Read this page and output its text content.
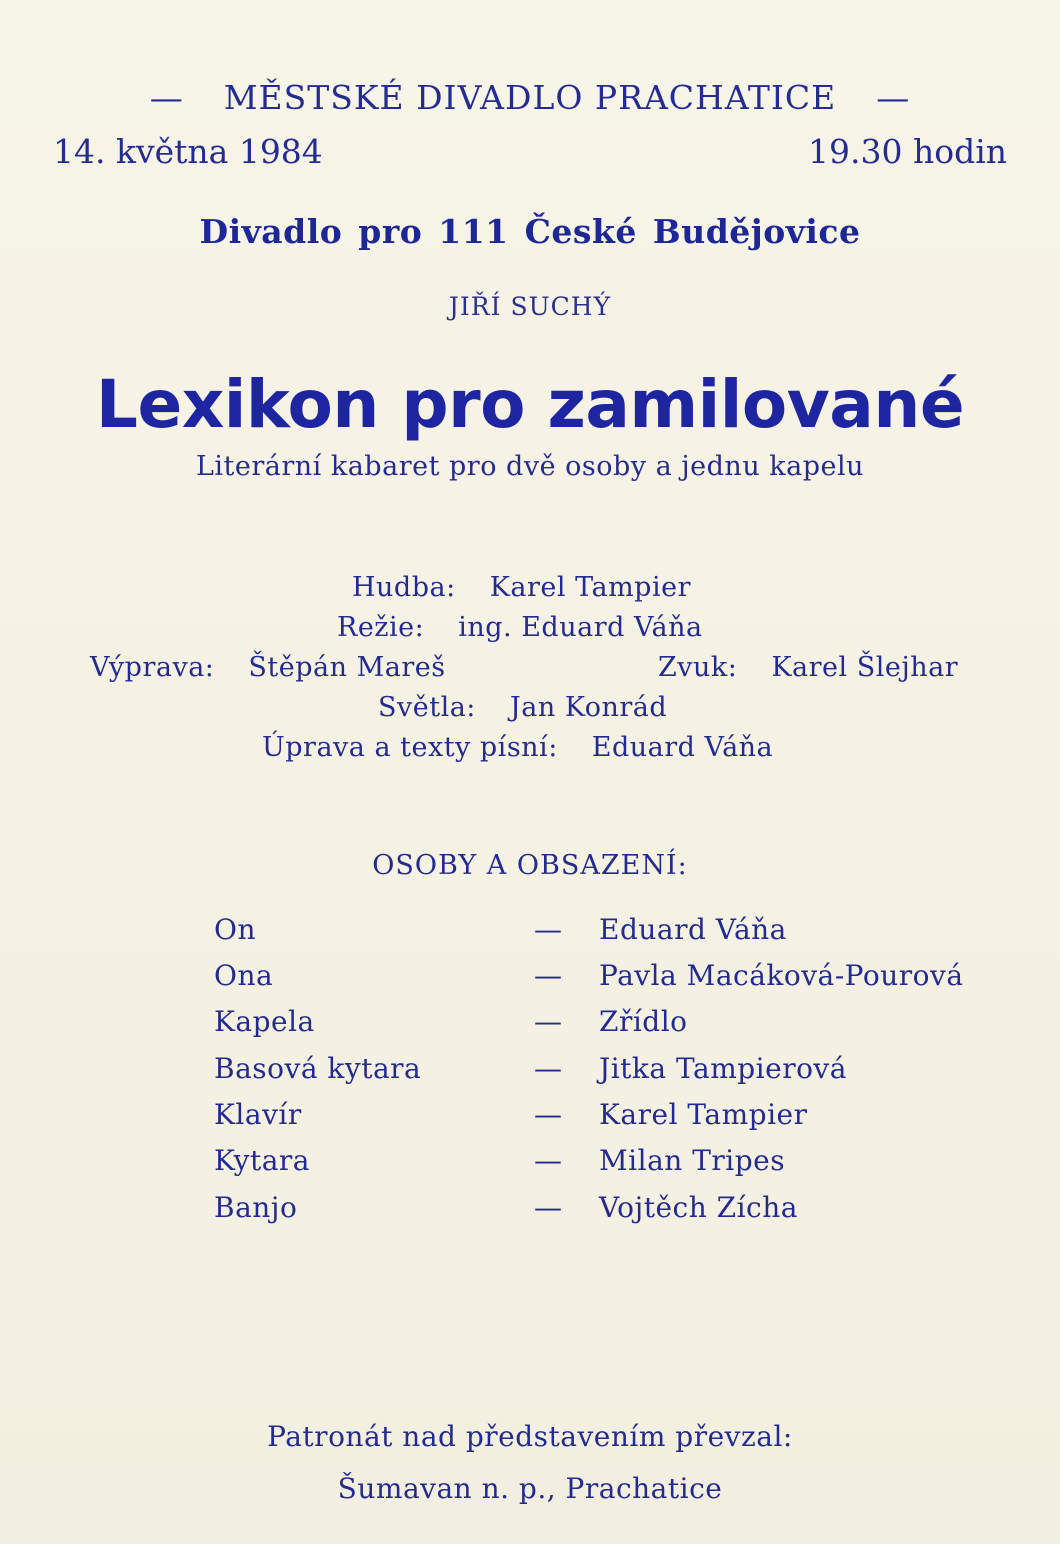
— MĚSTSKÉ DIVADLO PRACHATICE —

14. května 1984	19.30 hodin

Divadlo pro 111 České Budějovice

JIŘÍ SUCHÝ

Lexikon pro zamilované

Literární kabaret pro dvě osoby a jednu kapelu

Hudba: Karel Tampier

Režie: ing. Eduard Váňa

Výprava: Štěpán Mareš	Zvuk: Karel Šlejhar

Světla: Jan Konrád

Úprava a texty písní: Eduard Váňa

OSOBY A OBSAZENÍ:

On	— Eduard Váňa
Ona	— Pavla Macáková-Pourová
Kapela	— Zřídlo
Basová kytara	— Jitka Tampierová
Klavír	— Karel Tampier
Kytara	— Milan Tripes
Banjo	— Vojtěch Zícha

Patronát nad představením převzal:

Šumavan n. p., Prachatice
